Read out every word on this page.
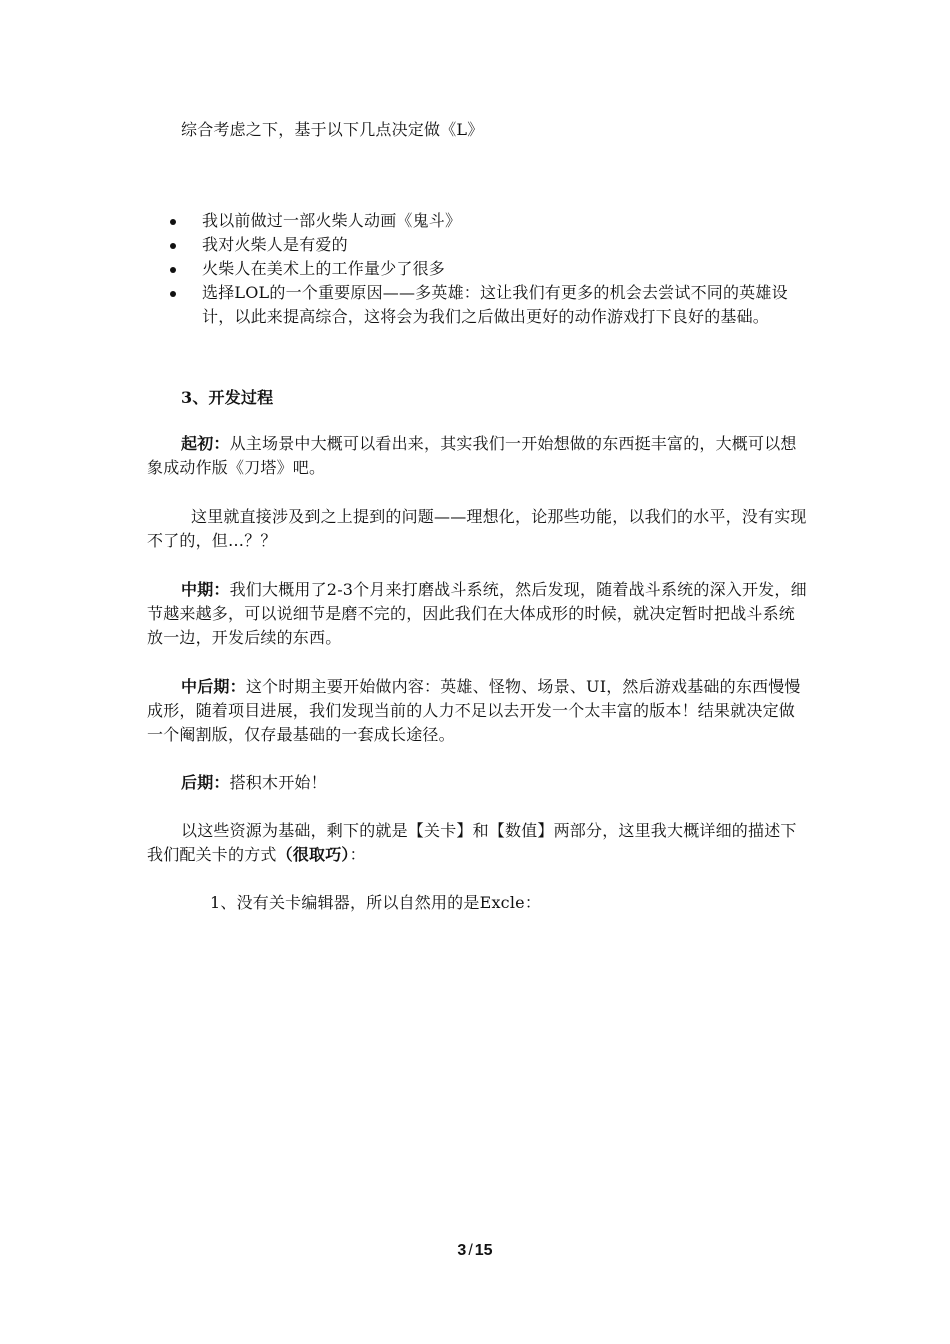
综合考虑之下，基于以下几点决定做《L》

我以前做过一部火柴人动画《鬼斗》
我对火柴人是有爱的
火柴人在美术上的工作量少了很多
选择LOL的一个重要原因——多英雄：这让我们有更多的机会去尝试不同的英雄设计，以此来提高综合，这将会为我们之后做出更好的动作游戏打下良好的基础。

3、开发过程

起初：从主场景中大概可以看出来，其实我们一开始想做的东西挺丰富的，大概可以想象成动作版《刀塔》吧。

这里就直接涉及到之上提到的问题——理想化，论那些功能，以我们的水平，没有实现不了的，但…？？

中期：我们大概用了2-3个月来打磨战斗系统，然后发现，随着战斗系统的深入开发，细节越来越多，可以说细节是磨不完的，因此我们在大体成形的时候，就决定暂时把战斗系统放一边，开发后续的东西。

中后期：这个时期主要开始做内容：英雄、怪物、场景、UI，然后游戏基础的东西慢慢成形，随着项目进展，我们发现当前的人力不足以去开发一个太丰富的版本！结果就决定做一个阉割版，仅存最基础的一套成长途径。

后期：搭积木开始！

以这些资源为基础，剩下的就是【关卡】和【数值】两部分，这里我大概详细的描述下我们配关卡的方式（很取巧）：

1、没有关卡编辑器，所以自然用的是Excle：

3 / 15
